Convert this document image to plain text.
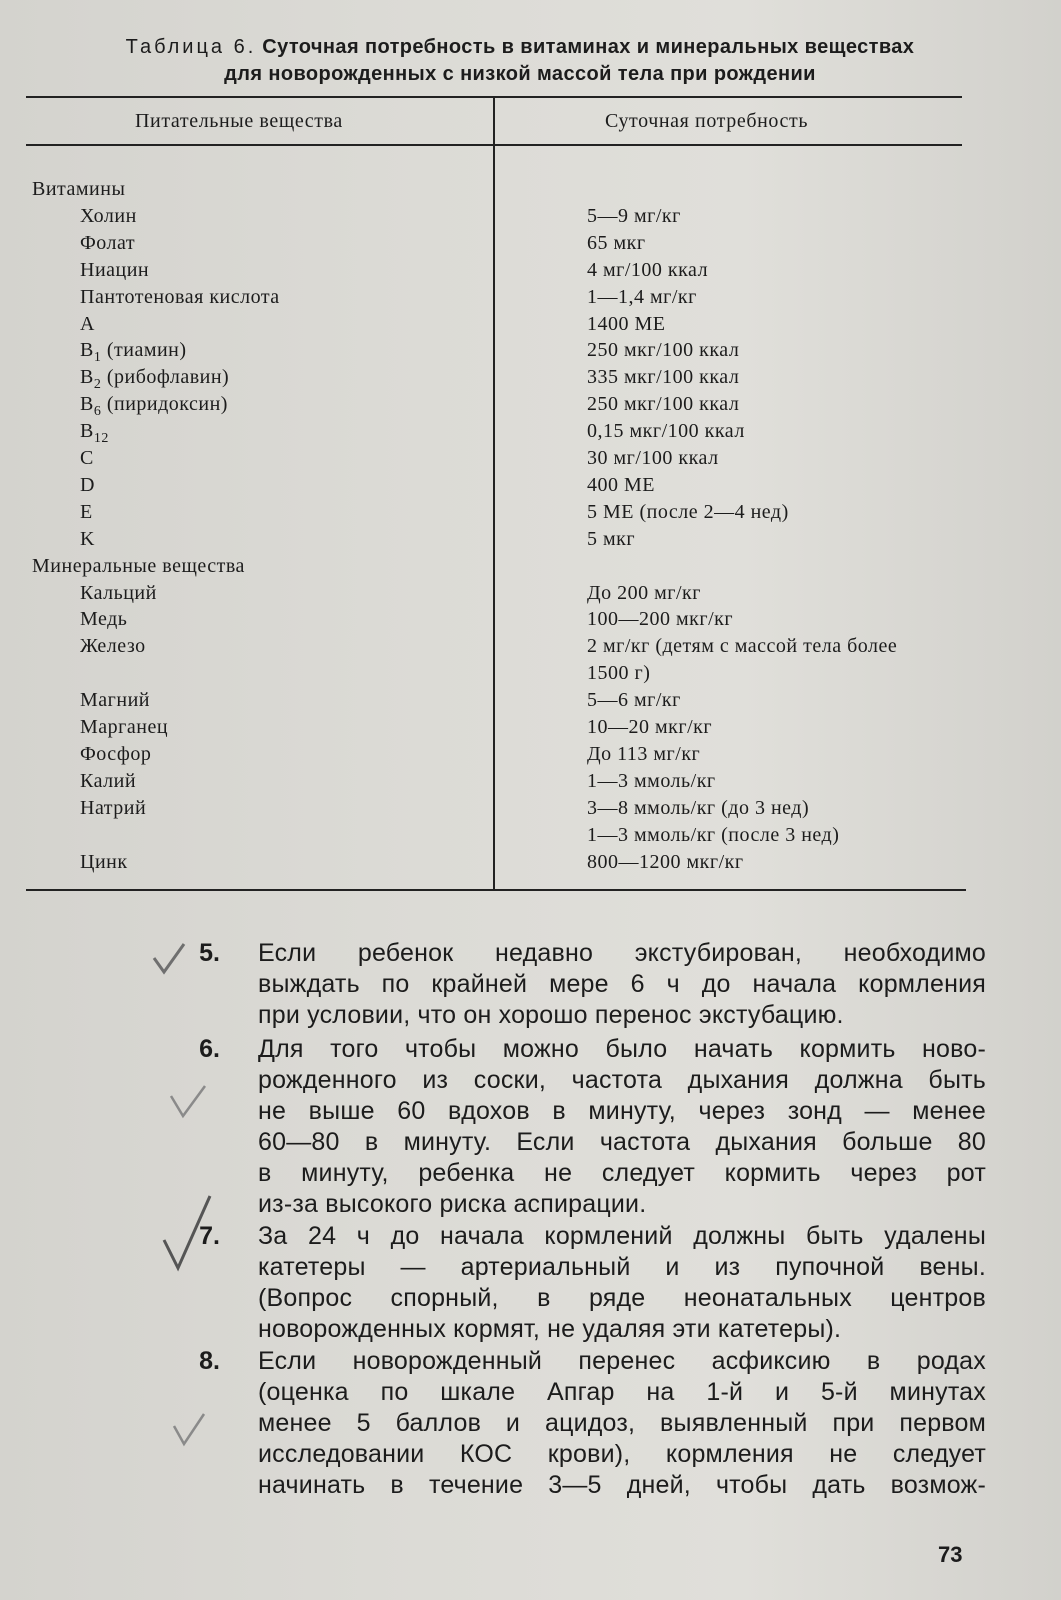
Таблица 6. Суточная потребность в витаминах и минеральных веществах
для новорожденных с низкой массой тела при рождении
Питательные вещества	Суточная потребность
Витамины
Холин	5—9 мг/кг
Фолат	65 мкг
Ниацин	4 мг/100 ккал
Пантотеновая кислота	1—1,4 мг/кг
A	1400 МЕ
$B_1$ (тиамин)	250 мкг/100 ккал
$B_2$ (рибофлавин)	335 мкг/100 ккал
$B_6$ (пиридоксин)	250 мкг/100 ккал
$B_{12}$	0,15 мкг/100 ккал
C	30 мг/100 ккал
D	400 МЕ
E	5 МЕ (после 2—4 нед)
K	5 мкг
Минеральные вещества
Кальций	До 200 мг/кг
Медь	100—200 мкг/кг
Железо	2 мг/кг (детям с массой тела более
1500 г)
Магний	5—6 мг/кг
Марганец	10—20 мкг/кг
Фосфор	До 113 мг/кг
Калий	1—3 ммоль/кг
Натрий	3—8 ммоль/кг (до 3 нед)
1—3 ммоль/кг (после 3 нед)
Цинк	800—1200 мкг/кг
5. Если ребенок недавно экстубирован, необходимо
выждать по крайней мере 6 ч до начала кормления
при условии, что он хорошо перенос экстубацию.
6. Для того чтобы можно было начать кормить ново-
рожденного из соски, частота дыхания должна быть
не выше 60 вдохов в минуту, через зонд — менее
60—80 в минуту. Если частота дыхания больше 80
в минуту, ребенка не следует кормить через рот
из-за высокого риска аспирации.
7. За 24 ч до начала кормлений должны быть удалены
катетеры — артериальный и из пупочной вены.
(Вопрос спорный, в ряде неонатальных центров
новорожденных кормят, не удаляя эти катетеры).
8. Если новорожденный перенес асфиксию в родах
(оценка по шкале Апгар на 1-й и 5-й минутах
менее 5 баллов и ацидоз, выявленный при первом
исследовании КОС крови), кормления не следует
начинать в течение 3—5 дней, чтобы дать возмож-
73
